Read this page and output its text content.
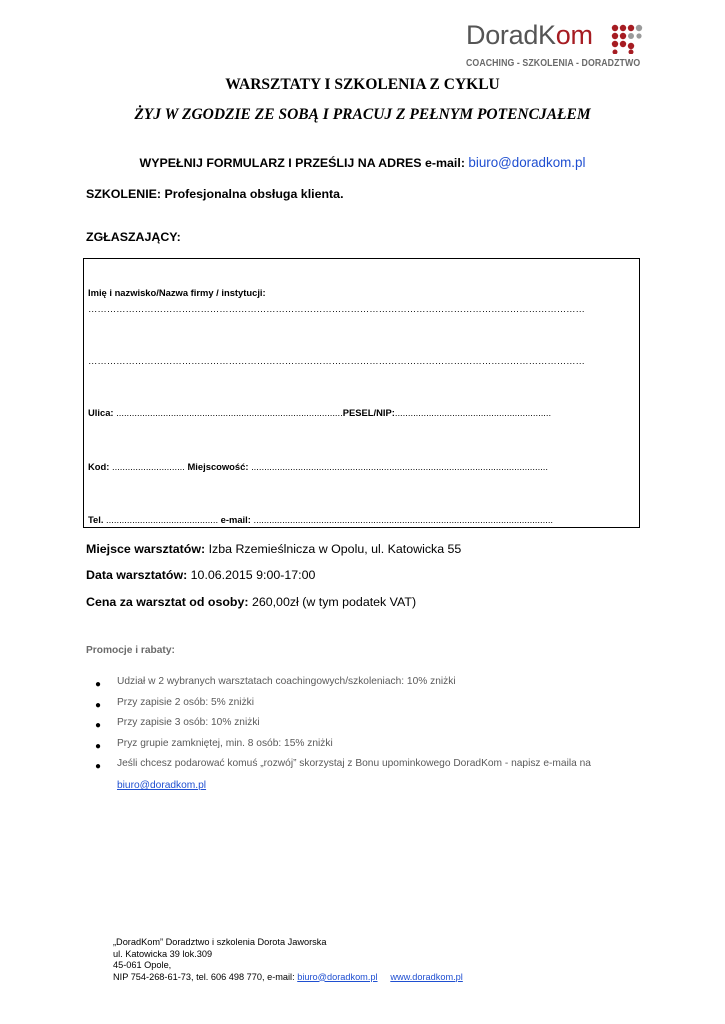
DoradKom
COACHING - SZKOLENIA - DORADZTWO
WARSZTATY I SZKOLENIA Z CYKLU
ŻYJ W ZGODZIE ZE SOBĄ I PRACUJ Z PEŁNYM POTENCJAŁEM
WYPEŁNIJ FORMULARZ I PRZEŚLIJ NA ADRES e-mail: biuro@doradkom.pl
SZKOLENIE: Profesjonalna obsługa klienta.
ZGŁASZAJĄCY:
Imię i nazwisko/Nazwa firmy / instytucji:
……………………………………………………………………………………………………………………………………………
……………………………………………………………………………………………………………………………………………
Ulica: .......................................................................................PESEL/NIP:............................................................
Kod: ............................ Miejscowość: ..................................................................................................................
Tel. ........................................... e-mail: ...................................................................................................................
Miejsce warsztatów: Izba Rzemieślnicza w Opolu, ul. Katowicka 55
Data warsztatów: 10.06.2015 9:00-17:00
Cena za warsztat od osoby: 260,00zł (w tym podatek VAT)
Promocje i rabaty:
● Udział w 2 wybranych warsztatach coachingowych/szkoleniach: 10% zniżki
● Przy zapisie 2 osób: 5% zniżki
● Przy zapisie 3 osób: 10% zniżki
● Pryz grupie zamkniętej, min. 8 osób: 15% zniżki
● Jeśli chcesz podarować komuś „rozwój” skorzystaj z Bonu upominkowego DoradKom - napisz e-maila na
biuro@doradkom.pl
„DoradKom” Doradztwo i szkolenia Dorota Jaworska
ul. Katowicka 39 lok.309
45-061 Opole,
NIP 754-268-61-73, tel. 606 498 770, e-mail: biuro@doradkom.pl www.doradkom.pl
